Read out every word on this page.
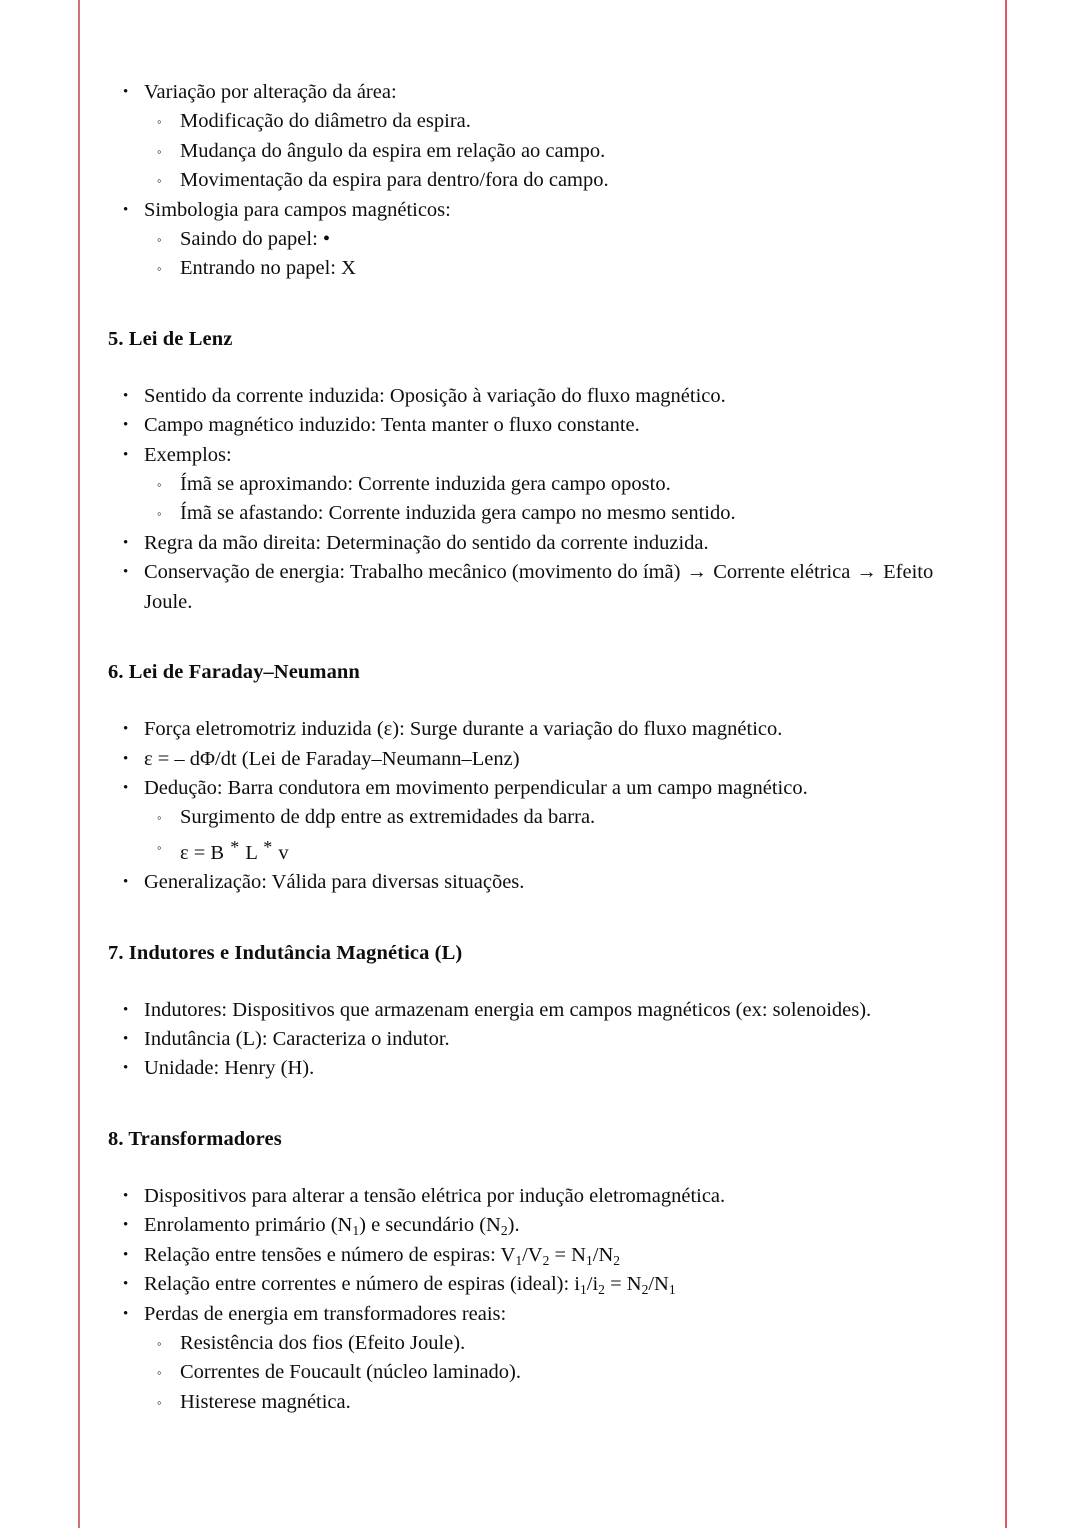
• Variação por alteração da área:
◦ Modificação do diâmetro da espira.
◦ Mudança do ângulo da espira em relação ao campo.
◦ Movimentação da espira para dentro/fora do campo.
• Simbologia para campos magnéticos:
◦ Saindo do papel: •
◦ Entrando no papel: X
5. Lei de Lenz
• Sentido da corrente induzida: Oposição à variação do fluxo magnético.
• Campo magnético induzido: Tenta manter o fluxo constante.
• Exemplos:
◦ Ímã se aproximando: Corrente induzida gera campo oposto.
◦ Ímã se afastando: Corrente induzida gera campo no mesmo sentido.
• Regra da mão direita: Determinação do sentido da corrente induzida.
• Conservação de energia: Trabalho mecânico (movimento do ímã) → Corrente elétrica → Efeito Joule.
6. Lei de Faraday–Neumann
• Força eletromotriz induzida (ε): Surge durante a variação do fluxo magnético.
• ε = – dΦ/dt (Lei de Faraday–Neumann–Lenz)
• Dedução: Barra condutora em movimento perpendicular a um campo magnético.
◦ Surgimento de ddp entre as extremidades da barra.
◦ ε = B * L * v
• Generalização: Válida para diversas situações.
7. Indutores e Indutância Magnética (L)
• Indutores: Dispositivos que armazenam energia em campos magnéticos (ex: solenoides).
• Indutância (L): Caracteriza o indutor.
• Unidade: Henry (H).
8. Transformadores
• Dispositivos para alterar a tensão elétrica por indução eletromagnética.
• Enrolamento primário $(N_1)$ e secundário $(N_2)$.
• Relação entre tensões e número de espiras: $V_1/V_2 = N_1/N_2$
• Relação entre correntes e número de espiras (ideal): $i_1/i_2 = N_2/N_1$
• Perdas de energia em transformadores reais:
◦ Resistência dos fios (Efeito Joule).
◦ Correntes de Foucault (núcleo laminado).
◦ Histerese magnética.
